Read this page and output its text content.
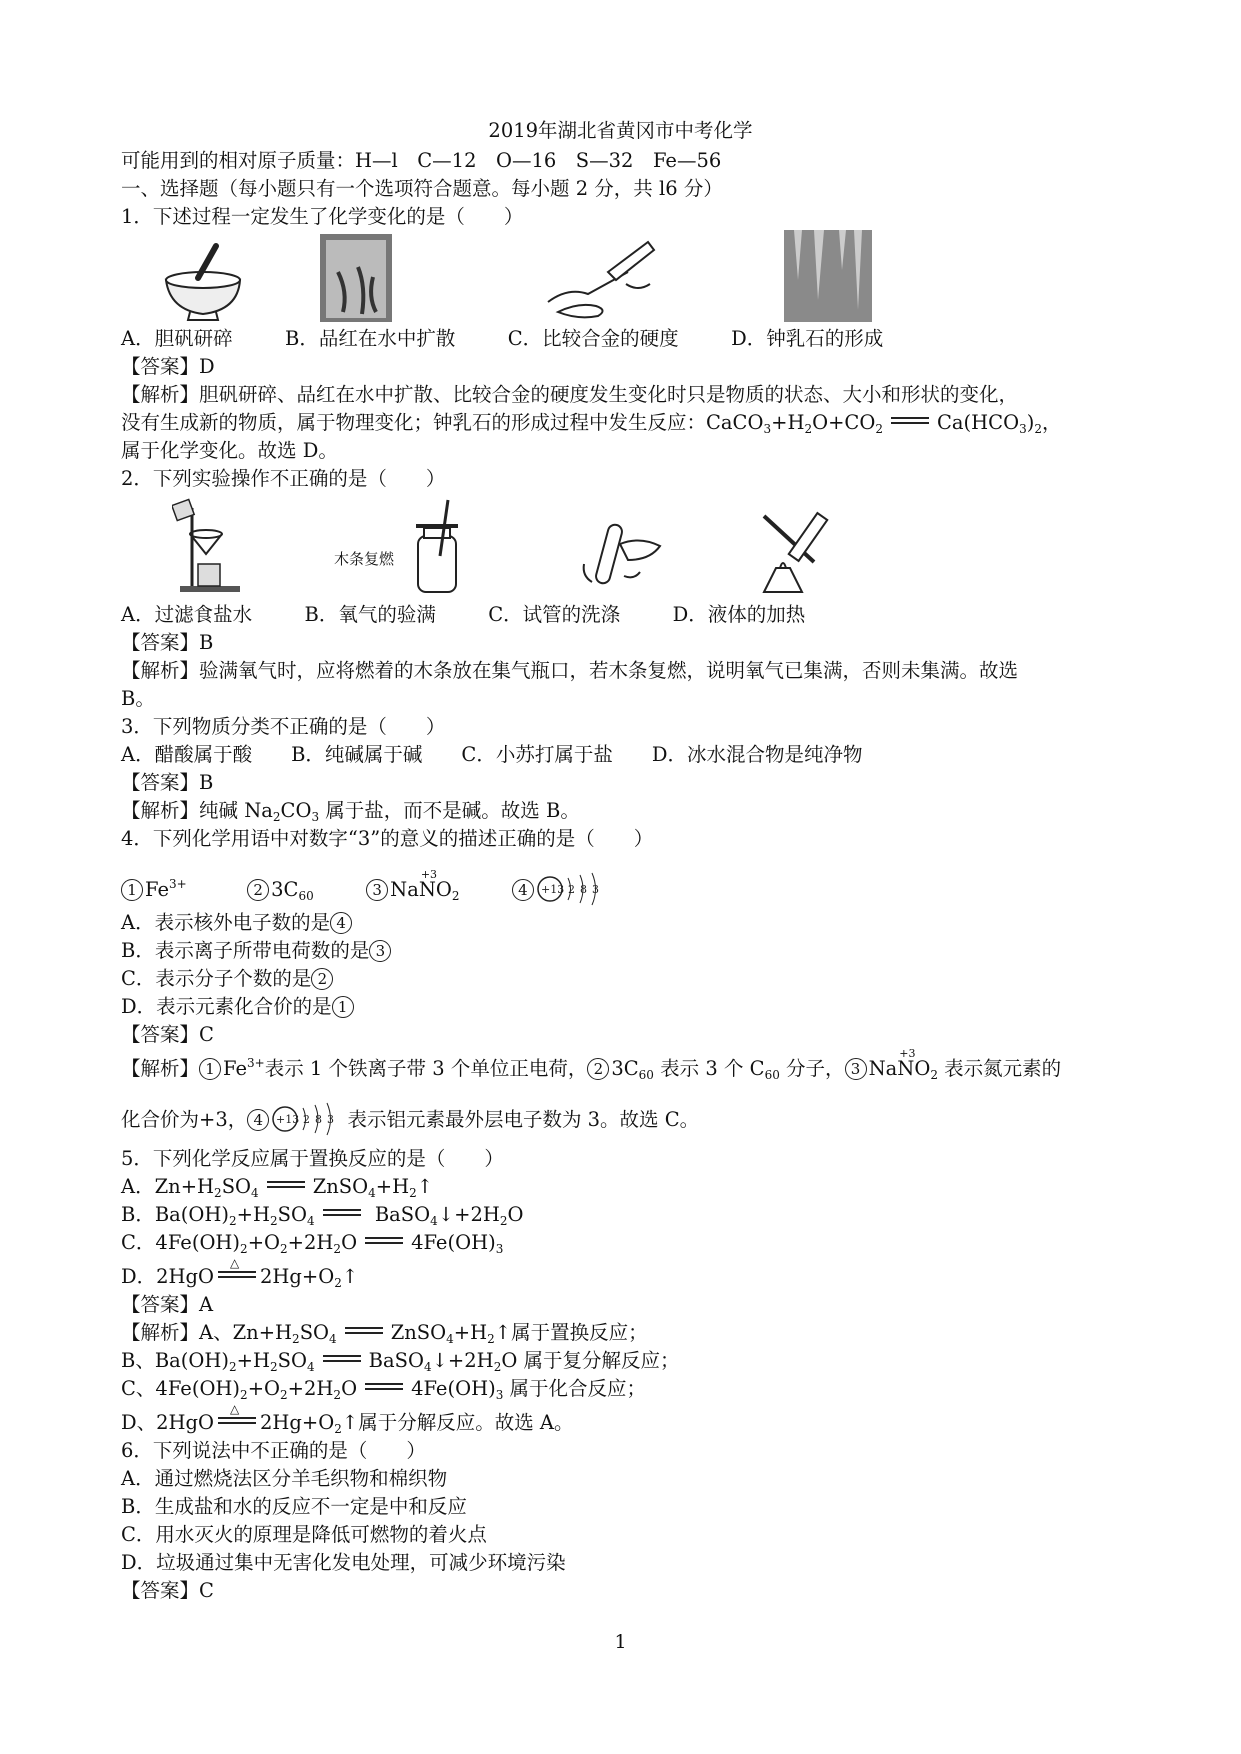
2019年湖北省黄冈市中考化学
可能用到的相对原子质量：H—l　C—12　O—16　S—32　Fe—56
一、选择题（每小题只有一个选项符合题意。每小题 2 分，共 l6 分）
1．下述过程一定发生了化学变化的是（　　）
A．胆矾研碎	B．品红在水中扩散	C．比较合金的硬度	D．钟乳石的形成
【答案】D
【解析】胆矾研碎、品红在水中扩散、比较合金的硬度发生变化时只是物质的状态、大小和形状的变化，
没有生成新的物质，属于物理变化；钟乳石的形成过程中发生反应：$CaCO_3+H_2O+CO_2$	$Ca(HCO_3)_2$，
属于化学变化。故选 D。
2．下列实验操作不正确的是（　　）
木条复燃
A．过滤食盐水	B．氧气的验满	C．试管的洗涤	D．液体的加热
【答案】B
【解析】验满氧气时，应将燃着的木条放在集气瓶口，若木条复燃，说明氧气已集满，否则未集满。故选
B。
3．下列物质分类不正确的是（　　）
A．醋酸属于酸　　B．纯碱属于碱　　C．小苏打属于盐　　D．冰水混合物是纯净物
【答案】B
【解析】纯碱 $Na_2CO_3$ 属于盐，而不是碱。故选 B。
4．下列化学用语中对数字“3”的意义的描述正确的是（　　）
1 $Fe^{3+}$	2 $3C_{60}$	3 Na
+3
$NO_2$	4 +13 2 8 3
A．表示核外电子数的是 4
B．表示离子所带电荷数的是 3
C．表示分子个数的是 2
D．表示元素化合价的是 1
【答案】C
【解析】 1 $Fe^{3+}$表示 1 个铁离子带 3 个单位正电荷， 2 $3C_{60}$ 表示 3 个 $C_{60}$ 分子， 3 Na
+3
$NO_2$ 表示氮元素的
化合价为+3， 4 +13 2 8 3 表示铝元素最外层电子数为 3。故选 C。
5．下列化学反应属于置换反应的是（　　）
A．$Zn+H_2SO_4$	$ZnSO_4+H_2↑$
B．$Ba(OH)_2+H_2SO_4$	$BaSO_4↓+2H_2O$
C．$4Fe(OH)_2+O_2+2H_2O$	$4Fe(OH)_3$
D．2HgO
△
$2Hg+O_2↑$
【答案】A
【解析】A、$Zn+H_2SO_4$	$ZnSO_4+H_2↑$属于置换反应；
B、$Ba(OH)_2+H_2SO_4$	$BaSO_4↓+2H_2O$ 属于复分解反应；
C、$4Fe(OH)_2+O_2+2H_2O$	$4Fe(OH)_3$ 属于化合反应；
D、2HgO
△
$2Hg+O_2↑$属于分解反应。故选 A。
6．下列说法中不正确的是（　　）
A．通过燃烧法区分羊毛织物和棉织物
B．生成盐和水的反应不一定是中和反应
C．用水灭火的原理是降低可燃物的着火点
D．垃圾通过集中无害化发电处理，可减少环境污染
【答案】C
1
